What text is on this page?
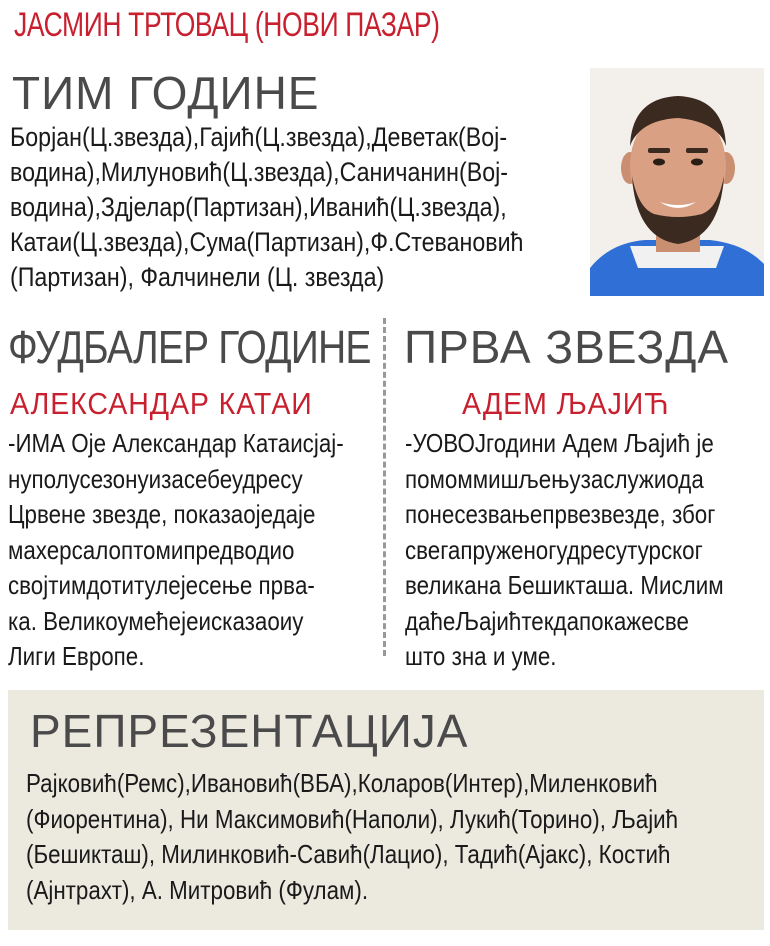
ЈАСМИН ТРТОВАЦ (НОВИ ПАЗАР)
ТИМ ГОДИНЕ
Борјан(Ц.звезда),Гајић(Ц.звезда),Деветак(Вој-
водина),Милуновић(Ц.звезда),Саничанин(Вој-
водина),Здјелар(Партизан),Иванић(Ц.звезда),
Катаи(Ц.звезда),Сума(Партизан),Ф.Стевановић
(Партизан), Фалчинели (Ц. звезда)
ФУДБАЛЕР ГОДИНЕ
АЛЕКСАНДАР КАТАИ
-ИМА Оје Александар Катаисјај-
нуполусезонуизасебеудресу
Црвене звезде, показаоједаје
махерсалоптомипредводио
својтимдотитулејесење првa-
ка. Великоумећејеисказаоиу
Лиги Европе.
ПРВА ЗВЕЗДА
АДЕМ ЉАЈИЋ
-УОВОЈгодини Адем Љајић је
помоммишљењузаслужиода
понесезвањепрвезвезде, због
свегапруженогудресутурског
великана Бешикташа. Мислим
даћеЉајићтекдапокажесве
што зна и уме.
РЕПРЕЗЕНТАЦИЈА
Рајковић(Ремс),Ивановић(ВБА),Коларов(Интер),Миленковић
(Фиорентина), Ни Максимовић(Наполи), Лукић(Торино), Љајић
(Бешикташ), Милинковић-Савић(Лацио), Тадић(Ајакс), Костић
(Ајнтрахт), А. Митровић (Фулам).
